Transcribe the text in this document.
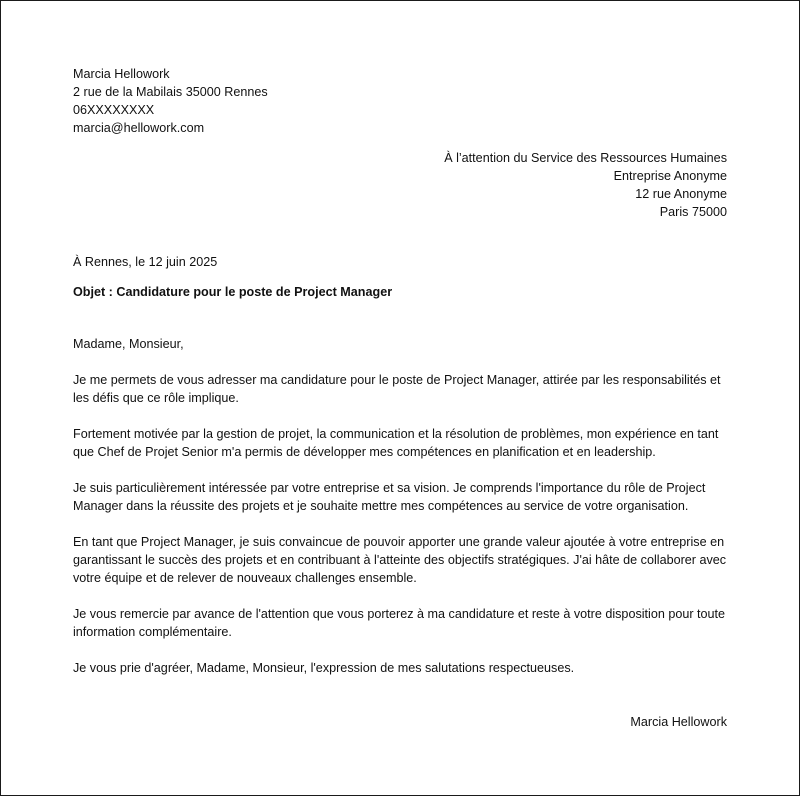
Marcia Hellowork
2 rue de la Mabilais 35000 Rennes
06XXXXXXXX
marcia@hellowork.com
À l’attention du Service des Ressources Humaines
Entreprise Anonyme
12 rue Anonyme
Paris 75000
À Rennes, le 12 juin 2025
Objet : Candidature pour le poste de Project Manager

Madame, Monsieur,

Je me permets de vous adresser ma candidature pour le poste de Project Manager, attirée par les responsabilités et les défis que ce rôle implique.

Fortement motivée par la gestion de projet, la communication et la résolution de problèmes, mon expérience en tant que Chef de Projet Senior m'a permis de développer mes compétences en planification et en leadership.

Je suis particulièrement intéressée par votre entreprise et sa vision. Je comprends l'importance du rôle de Project Manager dans la réussite des projets et je souhaite mettre mes compétences au service de votre organisation.

En tant que Project Manager, je suis convaincue de pouvoir apporter une grande valeur ajoutée à votre entreprise en garantissant le succès des projets et en contribuant à l'atteinte des objectifs stratégiques. J'ai hâte de collaborer avec votre équipe et de relever de nouveaux challenges ensemble.

Je vous remercie par avance de l'attention que vous porterez à ma candidature et reste à votre disposition pour toute information complémentaire.

Je vous prie d'agréer, Madame, Monsieur, l'expression de mes salutations respectueuses.

Marcia Hellowork
